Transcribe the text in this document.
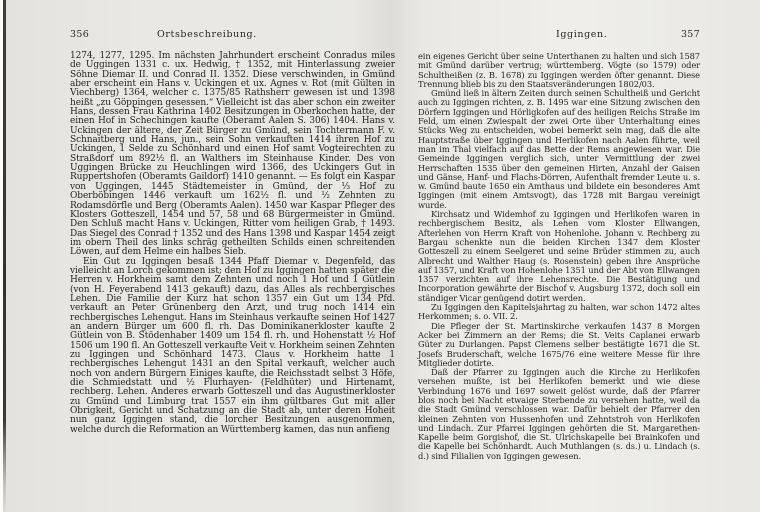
356	Ortsbeschreibung.

1274, 1277, 1295. Im nächsten Jahrhundert erscheint Conradus miles de Uggingen 1331 c. ux. Hedwig, † 1352, mit Hinterlassung zweier Söhne Diemar II. und Conrad II. 1352. Diese verschwinden, in Gmünd aber erscheint ein Hans v. Uckingen et ux. Agnes v. Rot (mit Gülten in Viechberg) 1364, welcher c. 1375/85 Rathsherr gewesen ist und 1398 heißt „zu Göppingen gesessen.“ Vielleicht ist das aber schon ein zweiter Hans, dessen Frau Kathrina 1402 Besitzungen in Oberkochen hatte, der einen Hof in Schechingen kaufte (Oberamt Aalen S. 306) 1404. Hans v. Uckingen der ältere, der Zeit Bürger zu Gmünd, sein Tochtermann F. v. Schnaitberg und Hans, jun., sein Sohn verkauften 1414 ihren Hof zu Uckingen, 1 Selde zu Schönhard und einen Hof samt Vogteirechten zu Straßdorf um 892½ fl. an Walthers im Steinhause Kinder. Des von Uggingen Brücke zu Heuchlingen wird 1366, des Uckingers Gut in Ruppertshofen (Oberamts Gaildorf) 1410 genannt. — Es folgt ein Kaspar von Uggingen, 1445 Städtemeister in Gmünd, der ⅓ Hof zu Oberböbingen 1446 verkauft um 162½ fl. und ½ Zehnten zu Rodamsdörfle und Berg (Oberamts Aalen). 1450 war Kaspar Pfleger des Klosters Gotteszell, 1454 und 57, 58 und 68 Bürgermeister in Gmünd. Den Schluß macht Hans v. Uckingen, Ritter vom heiligen Grab, † 1493. Das Siegel des Conrad † 1352 und des Hans 1398 und Kaspar 1454 zeigt im obern Theil des links schräg getheilten Schilds einen schreitenden Löwen, auf dem Helme ein halbes Sieb.

Ein Gut zu Iggingen besaß 1344 Pfaff Diemar v. Degenfeld, das vielleicht an Lorch gekommen ist; den Hof zu Iggingen hatten später die Herren v. Horkheim samt dem Zehnten und noch 1 Hof und 1 Gütlein (von H. Feyerabend 1413 gekauft) dazu, das Alles als rechbergisches Lehen. Die Familie der Kurz hat schon 1357 ein Gut um 134 Pfd. verkauft an Peter Grünenberg den Arzt, und trug noch 1414 ein rechbergisches Lehengut. Hans im Steinhaus verkaufte seinen Hof 1427 an andern Bürger um 600 fl. rh. Das Dominikanerkloster kaufte 2 Gütlein von B. Stödenhaber 1409 um 154 fl. rh. und Hohenstatt ½ Hof 1506 um 190 fl. An Gotteszell verkaufte Veit v. Horkheim seinen Zehnten zu Iggingen und Schönhard 1473. Claus v. Horkheim hatte 1 rechbergisches Lehengut 1431 an den Spital verkauft, welcher auch noch von andern Bürgern Einiges kaufte, die Reichsstadt selbst 3 Höfe, die Schmiedstatt und ½ Flurhayen- (Feldhüter) und Hirtenamt, rechberg. Lehen. Anderes erwarb Gotteszell und das Augustinerkloster zu Gmünd und Limburg trat 1557 ein ihm gültbares Gut mit aller Obrigkeit, Gericht und Schatzung an die Stadt ab, unter deren Hoheit nun ganz Iggingen stand, die lorcher Besitzungen ausgenommen, welche durch die Reformation an Württemberg kamen, das nun anfieng

Iggingen.	357

ein eigenes Gericht über seine Unterthanen zu halten und sich 1587 mit Gmünd darüber vertrug; württemberg. Vögte (so 1579) oder Schultheißen (z. B. 1678) zu Iggingen werden öfter genannt. Diese Trennung blieb bis zu den Staatsveränderungen 1802/03.

Gmünd ließ in ältern Zeiten durch seinen Schultheiß und Gericht auch zu Iggingen richten, z. B. 1495 war eine Sitzung zwischen den Dörfern Iggingen und Hörligkofen auf des heiligen Reichs Straße im Feld, um einen Zwiespalt der zwei Orte über Unterhaltung eines Stücks Weg zu entscheiden, wobei bemerkt sein mag, daß die alte Hauptstraße über Iggingen und Herlikofen nach Aalen führte, weil man im Thal vielfach auf das Bette der Rems angewiesen war. Die Gemeinde Iggingen verglich sich, unter Vermittlung der zwei Herrschaften 1535 über den gemeinen Hirten, Anzahl der Gaisen und Gänse, Hanf- und Flachs-Dörren, Aufenthalt fremder Leute u. s. w. Gmünd baute 1650 ein Amthaus und bildete ein besonderes Amt Iggingen (mit einem Amtsvogt), das 1728 mit Bargau vereinigt wurde.

Kirchsatz und Widemhof zu Iggingen und Herlikofen waren in rechbergischem Besitz, als Lehen vom Kloster Ellwangen, Afterlehen von Herrn Kraft von Hohenlohe. Johann v. Rechberg zu Bargau schenkte nun die beiden Kirchen 1347 dem Kloster Gotteszell zu einem Seelgeret und seine Brüder stimmen zu, auch Albrecht und Walther Haug (s. Rosenstein) geben ihre Ansprüche auf 1357, und Kraft von Hohenlohe 1351 und der Abt von Ellwangen 1357 verzichten auf ihre Lehensrechte. Die Bestätigung und Incorporation gewährte der Bischof v. Augsburg 1372, doch soll ein ständiger Vicar genügend dotirt werden.

Zu Iggingen den Kapitelsjahrtag zu halten, war schon 1472 altes Herkommen; s. o. VII. 2.

Die Pfleger der St. Martinskirche verkaufen 1437 8 Morgen Acker bei Zimmern an der Rems; die St. Veits Caplanei erwarb Güter zu Durlangen. Papst Clemens selber bestätigte 1671 die St. Josefs Bruderschaft, welche 1675/76 eine weitere Messe für ihre Mitglieder dotirte.

Daß der Pfarrer zu Iggingen auch die Kirche zu Herlikofen versehen mußte, ist bei Herlikofen bemerkt und wie diese Verbindung 1676 und 1697 soweit gelöst wurde, daß der Pfarrer blos noch bei Nacht etwaige Sterbende zu versehen hatte, weil da die Stadt Gmünd verschlossen war. Dafür behielt der Pfarrer den kleinen Zehnten von Hussenhofen und Zehntstroh von Herlikofen und Lindach. Zur Pfarrei Iggingen gehörten die St. Margarethen-Kapelle beim Gorgishof, die St. Ulrichskapelle bei Brainkofen und die Kapelle bei Schönhardt. Auch Muthlangen (s. ds.) u. Lindach (s. d.) sind Filialien von Iggingen gewesen.
